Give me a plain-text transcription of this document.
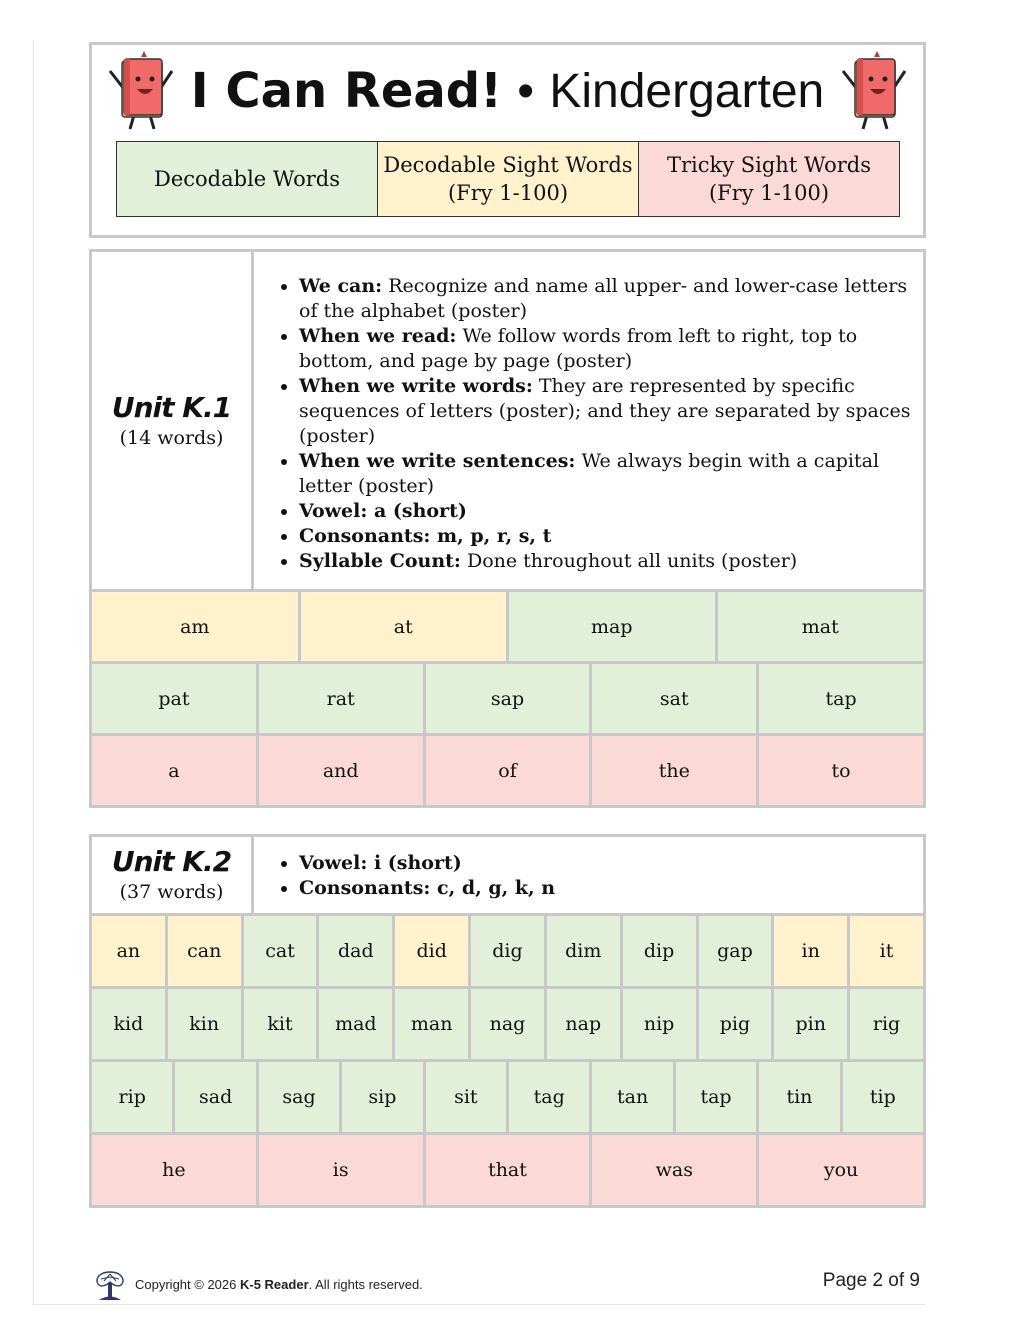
I Can Read! • Kindergarten
Decodable Words
Decodable Sight Words
(Fry 1-100)
Tricky Sight Words
(Fry 1-100)
Unit K.1
(14 words)
• We can: Recognize and name all upper- and lower-case letters of the alphabet (poster)
• When we read: We follow words from left to right, top to bottom, and page by page (poster)
• When we write words: They are represented by specific sequences of letters (poster); and they are separated by spaces (poster)
• When we write sentences: We always begin with a capital letter (poster)
• Vowel: a (short)
• Consonants: m, p, r, s, t
• Syllable Count: Done throughout all units (poster)
am	at	map	mat
pat	rat	sap	sat	tap
a	and	of	the	to
Unit K.2
(37 words)
• Vowel: i (short)
• Consonants: c, d, g, k, n
an	can	cat	dad	did	dig	dim	dip	gap	in	it
kid	kin	kit	mad	man	nag	nap	nip	pig	pin	rig
rip	sad	sag	sip	sit	tag	tan	tap	tin	tip
he	is	that	was	you
Copyright © 2026 K-5 Reader. All rights reserved.	Page 2 of 9
